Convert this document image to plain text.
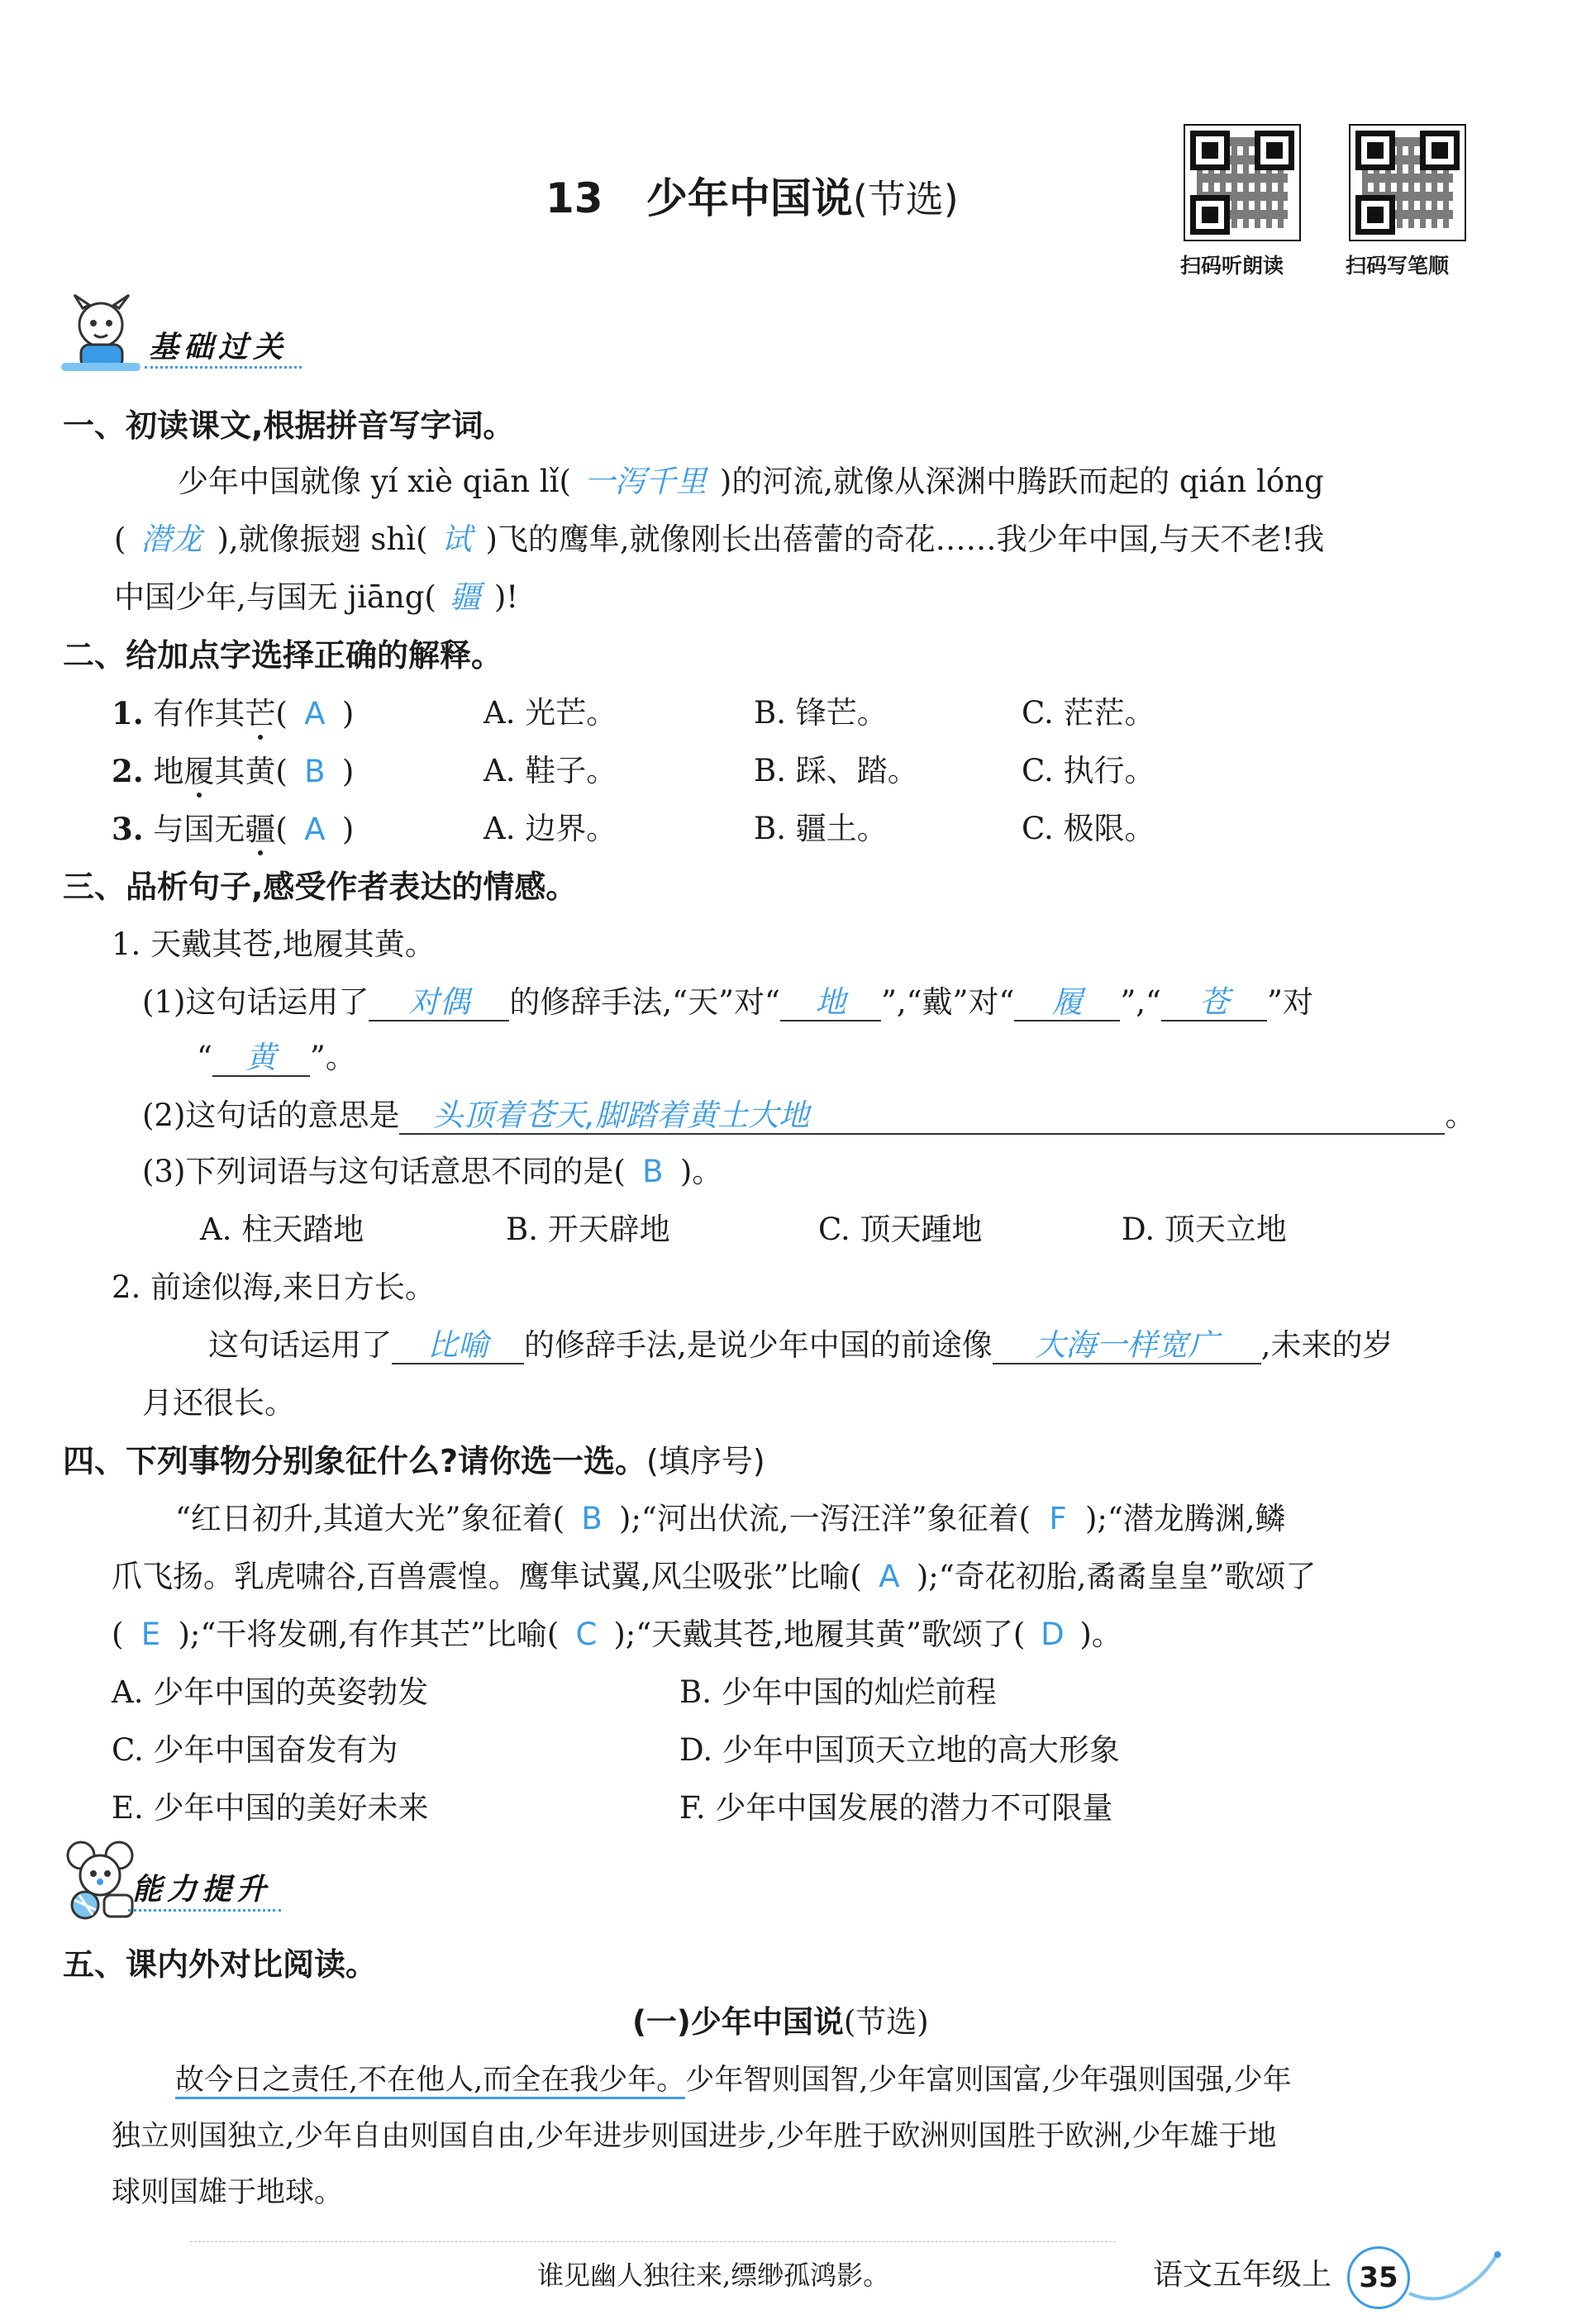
13 少年中国说(节选)
扫码听朗读	扫码写笔顺
基础过关
一、初读课文,根据拼音写字词。
少年中国就像 yí xiè qiān lǐ( 一泻千里 )的河流,就像从深渊中腾跃而起的 qián lóng
( 潜龙 ),就像振翅 shì( 试 )飞的鹰隼,就像刚长出蓓蕾的奇花……我少年中国,与天不老!我
中国少年,与国无 jiāng( 疆 )!
二、给加点字选择正确的解释。
1. 有作其芒( A )	A. 光芒。	B. 锋芒。	C. 茫茫。
2. 地履其黄( B )	A. 鞋子。	B. 踩、踏。	C. 执行。
3. 与国无疆( A )	A. 边界。	B. 疆土。	C. 极限。
三、品析句子,感受作者表达的情感。
1. 天戴其苍,地履其黄。
(1)这句话运用了 对偶 的修辞手法,“天”对“ 地 ”,“戴”对“ 履 ”,“ 苍 ”对
“ 黄 ”。
(2)这句话的意思是 头顶着苍天,脚踏着黄土大地	。
(3)下列词语与这句话意思不同的是( B )。
A. 柱天踏地	B. 开天辟地	C. 顶天踵地	D. 顶天立地
2. 前途似海,来日方长。
这句话运用了 比喻 的修辞手法,是说少年中国的前途像 大海一样宽广 ,未来的岁
月还很长。
四、下列事物分别象征什么?请你选一选。(填序号)
“红日初升,其道大光”象征着( B );“河出伏流,一泻汪洋”象征着( F );“潜龙腾渊,鳞
爪飞扬。乳虎啸谷,百兽震惶。鹰隼试翼,风尘吸张”比喻( A );“奇花初胎,矞矞皇皇”歌颂了
( E );“干将发硎,有作其芒”比喻( C );“天戴其苍,地履其黄”歌颂了( D )。
A. 少年中国的英姿勃发	B. 少年中国的灿烂前程
C. 少年中国奋发有为	D. 少年中国顶天立地的高大形象
E. 少年中国的美好未来	F. 少年中国发展的潜力不可限量
能力提升
五、课内外对比阅读。
(一)少年中国说(节选)
故今日之责任,不在他人,而全在我少年。少年智则国智,少年富则国富,少年强则国强,少年
独立则国独立,少年自由则国自由,少年进步则国进步,少年胜于欧洲则国胜于欧洲,少年雄于地
球则国雄于地球。
谁见幽人独往来,缥缈孤鸿影。	语文五年级上 35
